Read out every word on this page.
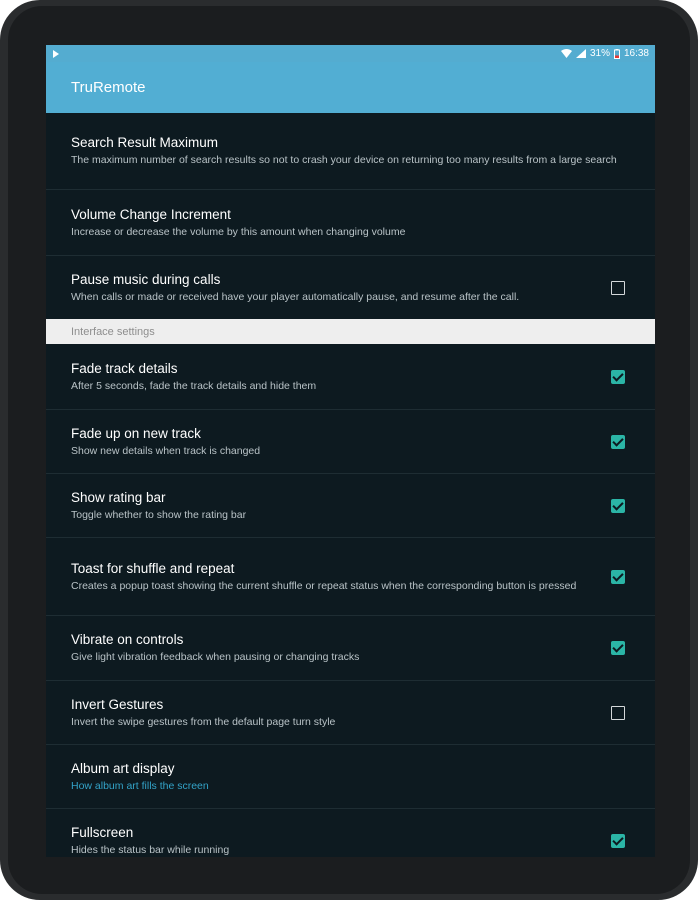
31% 16:38
TruRemote
Search Result Maximum
The maximum number of search results so not to crash your device on returning too many results from a large search
Volume Change Increment
Increase or decrease the volume by this amount when changing volume
Pause music during calls
When calls or made or received have your player automatically pause, and resume after the call.
Interface settings
Fade track details
After 5 seconds, fade the track details and hide them
Fade up on new track
Show new details when track is changed
Show rating bar
Toggle whether to show the rating bar
Toast for shuffle and repeat
Creates a popup toast showing the current shuffle or repeat status when the corresponding button is pressed
Vibrate on controls
Give light vibration feedback when pausing or changing tracks
Invert Gestures
Invert the swipe gestures from the default page turn style
Album art display
How album art fills the screen
Fullscreen
Hides the status bar while running
